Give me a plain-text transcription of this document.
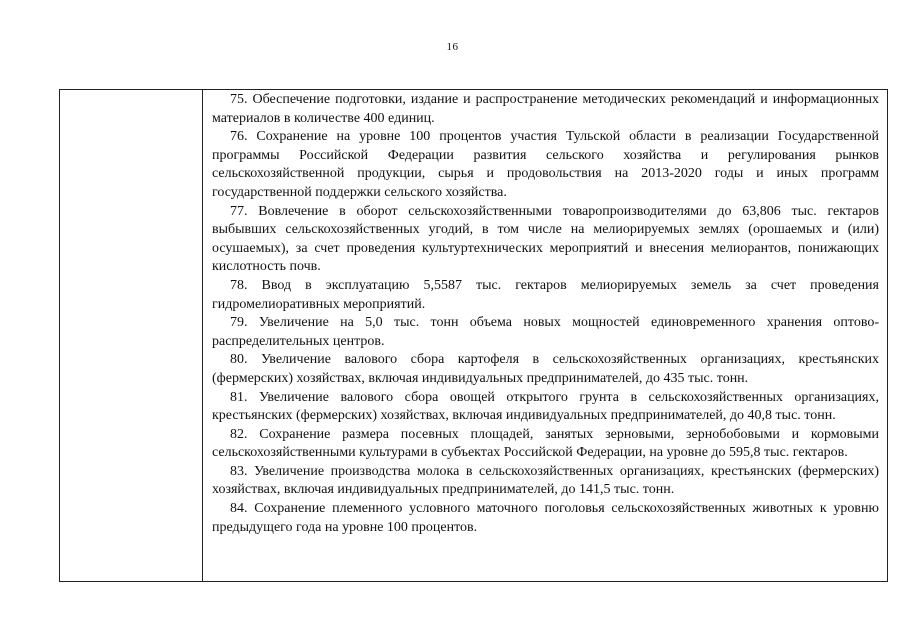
16

75. Обеспечение подготовки, издание и распространение методических рекомендаций и информационных материалов в количестве 400 единиц.

76. Сохранение на уровне 100 процентов участия Тульской области в реализации Государственной программы Российской Федерации развития сельского хозяйства и регулирования рынков сельскохозяйственной продукции, сырья и продовольствия на 2013-2020 годы и иных программ государственной поддержки сельского хозяйства.

77. Вовлечение в оборот сельскохозяйственными товаропроизводителями до 63,806 тыс. гектаров выбывших сельскохозяйственных угодий, в том числе на мелиорируемых землях (орошаемых и (или) осушаемых), за счет проведения культуртехнических мероприятий и внесения мелиорантов, понижающих кислотность почв.

78. Ввод в эксплуатацию 5,5587 тыс. гектаров мелиорируемых земель за счет проведения гидромелиоративных мероприятий.

79. Увеличение на 5,0 тыс. тонн объема новых мощностей единовременного хранения оптово-распределительных центров.

80. Увеличение валового сбора картофеля в сельскохозяйственных организациях, крестьянских (фермерских) хозяйствах, включая индивидуальных предпринимателей, до 435 тыс. тонн.

81. Увеличение валового сбора овощей открытого грунта в сельскохозяйственных организациях, крестьянских (фермерских) хозяйствах, включая индивидуальных предпринимателей, до 40,8 тыс. тонн.

82. Сохранение размера посевных площадей, занятых зерновыми, зернобобовыми и кормовыми сельскохозяйственными культурами в субъектах Российской Федерации, на уровне до 595,8 тыс. гектаров.

83. Увеличение производства молока в сельскохозяйственных организациях, крестьянских (фермерских) хозяйствах, включая индивидуальных предпринимателей, до 141,5 тыс. тонн.

84. Сохранение племенного условного маточного поголовья сельскохозяйственных животных к уровню предыдущего года на уровне 100 процентов.
